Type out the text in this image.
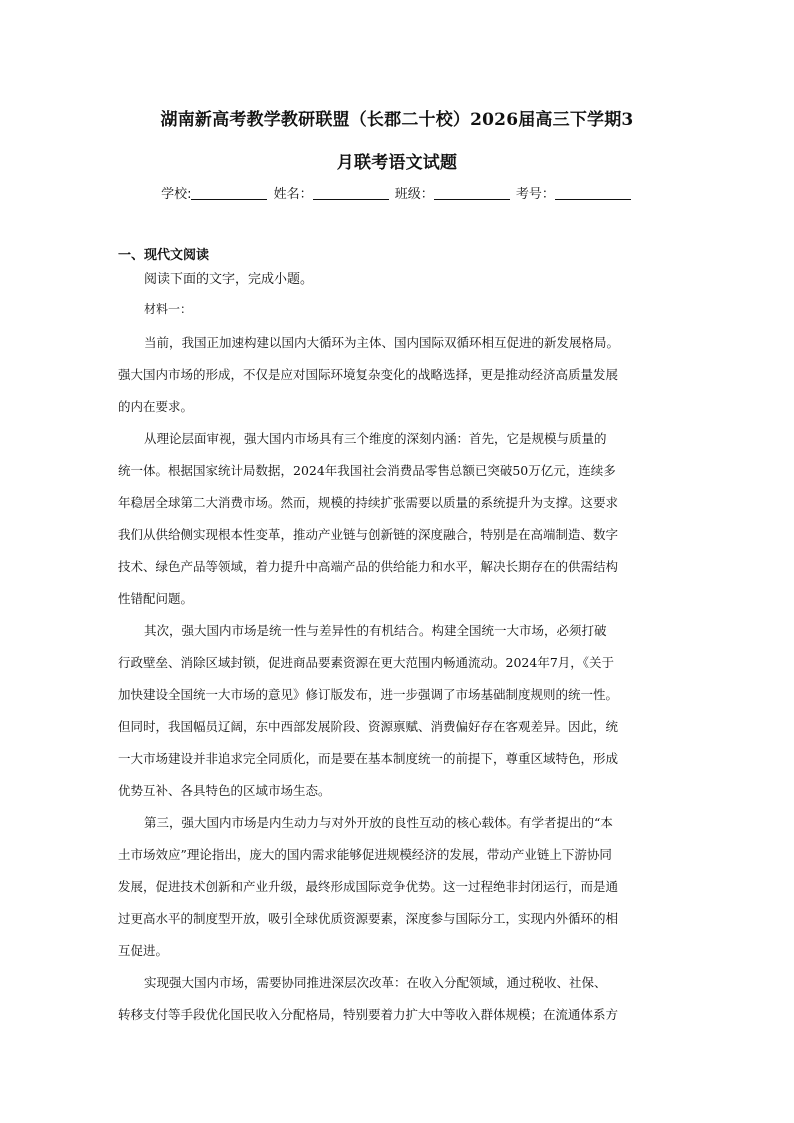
湖南新高考教学教研联盟（长郡二十校）2026届高三下学期3
月联考语文试题
学校:	姓名：	班级：	考号：
一、现代文阅读
阅读下面的文字，完成小题。
材料一：
当前，我国正加速构建以国内大循环为主体、国内国际双循环相互促进的新发展格局。
强大国内市场的形成，不仅是应对国际环境复杂变化的战略选择，更是推动经济高质量发展
的内在要求。
从理论层面审视，强大国内市场具有三个维度的深刻内涵：首先，它是规模与质量的
统一体。根据国家统计局数据，2024年我国社会消费品零售总额已突破50万亿元，连续多
年稳居全球第二大消费市场。然而，规模的持续扩张需要以质量的系统提升为支撑。这要求
我们从供给侧实现根本性变革，推动产业链与创新链的深度融合，特别是在高端制造、数字
技术、绿色产品等领域，着力提升中高端产品的供给能力和水平，解决长期存在的供需结构
性错配问题。
其次，强大国内市场是统一性与差异性的有机结合。构建全国统一大市场，必须打破
行政壁垒、消除区域封锁，促进商品要素资源在更大范围内畅通流动。2024年7月，《关于
加快建设全国统一大市场的意见》修订版发布，进一步强调了市场基础制度规则的统一性。
但同时，我国幅员辽阔，东中西部发展阶段、资源禀赋、消费偏好存在客观差异。因此，统
一大市场建设并非追求完全同质化，而是要在基本制度统一的前提下，尊重区域特色，形成
优势互补、各具特色的区域市场生态。
第三，强大国内市场是内生动力与对外开放的良性互动的核心载体。有学者提出的“本
土市场效应”理论指出，庞大的国内需求能够促进规模经济的发展，带动产业链上下游协同
发展，促进技术创新和产业升级，最终形成国际竞争优势。这一过程绝非封闭运行，而是通
过更高水平的制度型开放，吸引全球优质资源要素，深度参与国际分工，实现内外循环的相
互促进。
实现强大国内市场，需要协同推进深层次改革：在收入分配领域，通过税收、社保、
转移支付等手段优化国民收入分配格局，特别要着力扩大中等收入群体规模；在流通体系方
